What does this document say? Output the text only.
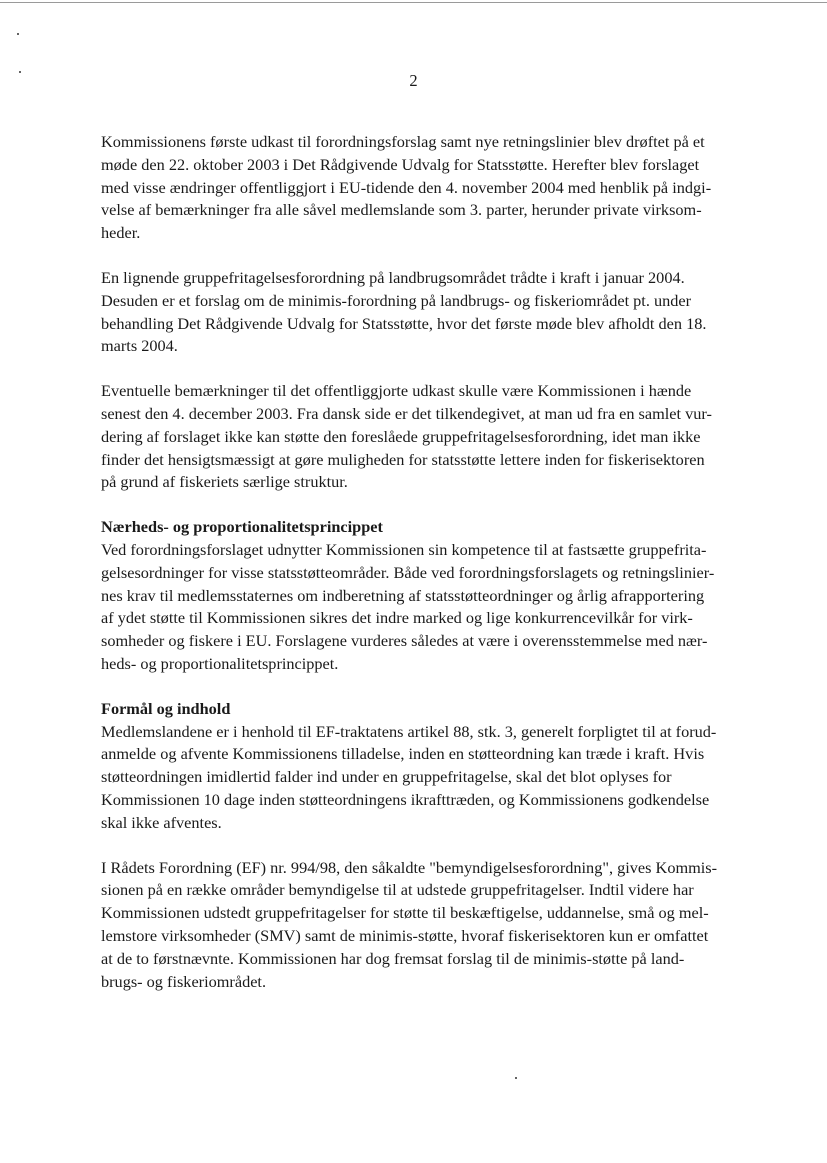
2
Kommissionens første udkast til forordningsforslag samt nye retningslinier blev drøftet på et
møde den 22. oktober 2003 i Det Rådgivende Udvalg for Statsstøtte. Herefter blev forslaget
med visse ændringer offentliggjort i EU-tidende den 4. november 2004 med henblik på indgi-
velse af bemærkninger fra alle såvel medlemslande som 3. parter, herunder private virksom-
heder.
En lignende gruppefritagelsesforordning på landbrugsområdet trådte i kraft i januar 2004.
Desuden er et forslag om de minimis-forordning på landbrugs- og fiskeriområdet pt. under
behandling Det Rådgivende Udvalg for Statsstøtte, hvor det første møde blev afholdt den 18.
marts 2004.
Eventuelle bemærkninger til det offentliggjorte udkast skulle være Kommissionen i hænde
senest den 4. december 2003. Fra dansk side er det tilkendegivet, at man ud fra en samlet vur-
dering af forslaget ikke kan støtte den foreslåede gruppefritagelsesforordning, idet man ikke
finder det hensigtsmæssigt at gøre muligheden for statsstøtte lettere inden for fiskerisektoren
på grund af fiskeriets særlige struktur.
Nærheds- og proportionalitetsprincippet
Ved forordningsforslaget udnytter Kommissionen sin kompetence til at fastsætte gruppefrita-
gelsesordninger for visse statsstøtteområder. Både ved forordningsforslagets og retningslinier-
nes krav til medlemsstaternes om indberetning af statsstøtteordninger og årlig afrapportering
af ydet støtte til Kommissionen sikres det indre marked og lige konkurrencevilkår for virk-
somheder og fiskere i EU. Forslagene vurderes således at være i overensstemmelse med nær-
heds- og proportionalitetsprincippet.
Formål og indhold
Medlemslandene er i henhold til EF-traktatens artikel 88, stk. 3, generelt forpligtet til at forud-
anmelde og afvente Kommissionens tilladelse, inden en støtteordning kan træde i kraft. Hvis
støtteordningen imidlertid falder ind under en gruppefritagelse, skal det blot oplyses for
Kommissionen 10 dage inden støtteordningens ikrafttræden, og Kommissionens godkendelse
skal ikke afventes.
I Rådets Forordning (EF) nr. 994/98, den såkaldte "bemyndigelsesforordning", gives Kommis-
sionen på en række områder bemyndigelse til at udstede gruppefritagelser. Indtil videre har
Kommissionen udstedt gruppefritagelser for støtte til beskæftigelse, uddannelse, små og mel-
lemstore virksomheder (SMV) samt de minimis-støtte, hvoraf fiskerisektoren kun er omfattet
at de to førstnævnte. Kommissionen har dog fremsat forslag til de minimis-støtte på land-
brugs- og fiskeriområdet.
